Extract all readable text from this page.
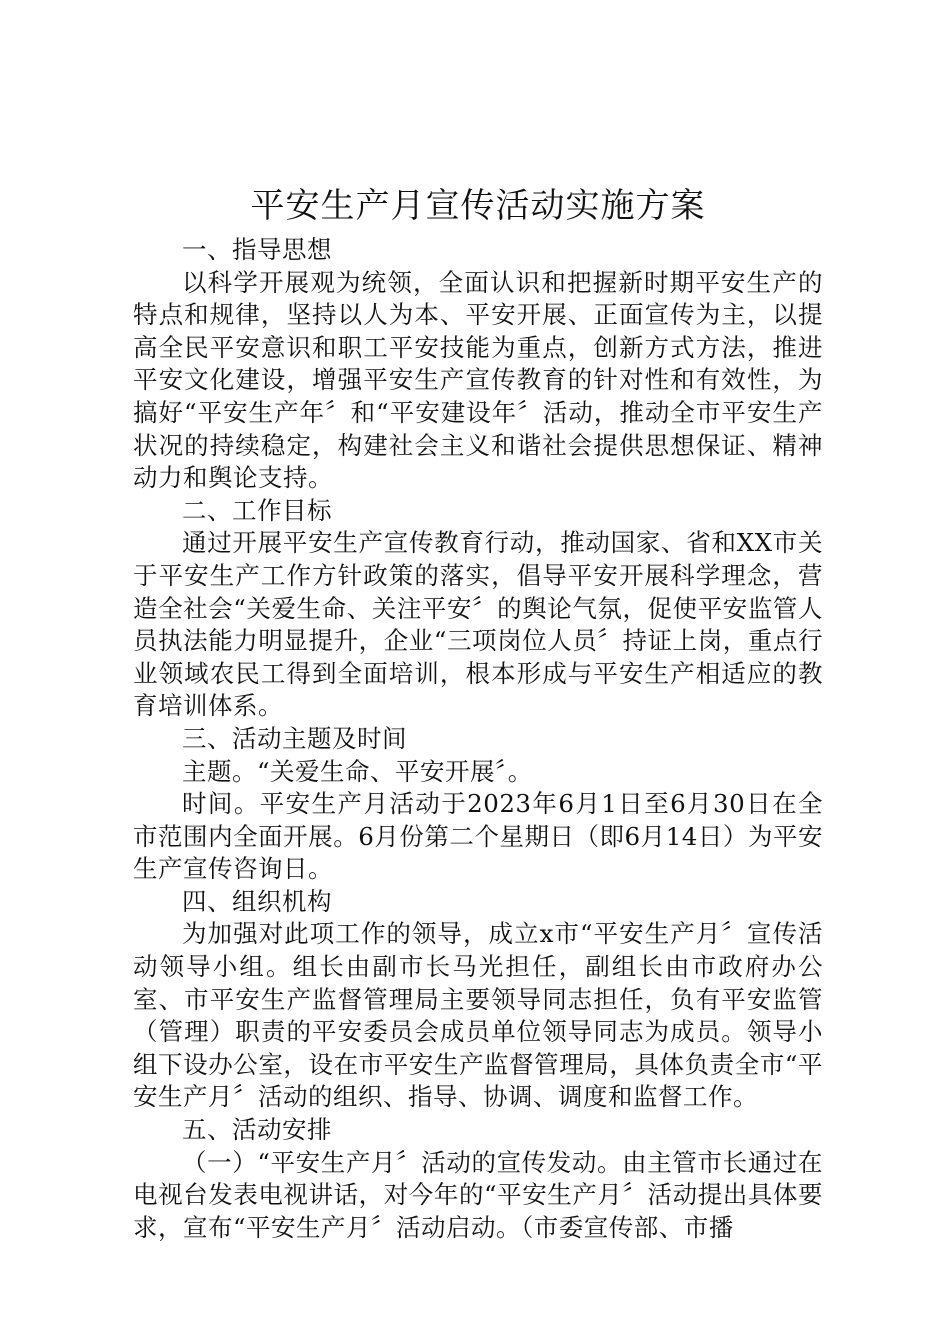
平安生产月宣传活动实施方案

一、指导思想

以科学开展观为统领，全面认识和把握新时期平安生产的特点和规律，坚持以人为本、平安开展、正面宣传为主，以提高全民平安意识和职工平安技能为重点，创新方式方法，推进平安文化建设，增强平安生产宣传教育的针对性和有效性，为搞好“平安生产年〞和“平安建设年〞活动，推动全市平安生产状况的持续稳定，构建社会主义和谐社会提供思想保证、精神动力和舆论支持。

二、工作目标

通过开展平安生产宣传教育行动，推动国家、省和XX市关于平安生产工作方针政策的落实，倡导平安开展科学理念，营造全社会“关爱生命、关注平安〞的舆论气氛，促使平安监管人员执法能力明显提升，企业“三项岗位人员〞持证上岗，重点行业领域农民工得到全面培训，根本形成与平安生产相适应的教育培训体系。

三、活动主题及时间

主题。“关爱生命、平安开展〞。

时间。平安生产月活动于2023年6月1日至6月30日在全市范围内全面开展。6月份第二个星期日（即6月14日）为平安生产宣传咨询日。

四、组织机构

为加强对此项工作的领导，成立x市“平安生产月〞宣传活动领导小组。组长由副市长马光担任，副组长由市政府办公室、市平安生产监督管理局主要领导同志担任，负有平安监管（管理）职责的平安委员会成员单位领导同志为成员。领导小组下设办公室，设在市平安生产监督管理局，具体负责全市“平安生产月〞活动的组织、指导、协调、调度和监督工作。

五、活动安排

（一）“平安生产月〞活动的宣传发动。由主管市长通过在电视台发表电视讲话，对今年的“平安生产月〞活动提出具体要求，宣布“平安生产月〞活动启动。（市委宣传部、市播
